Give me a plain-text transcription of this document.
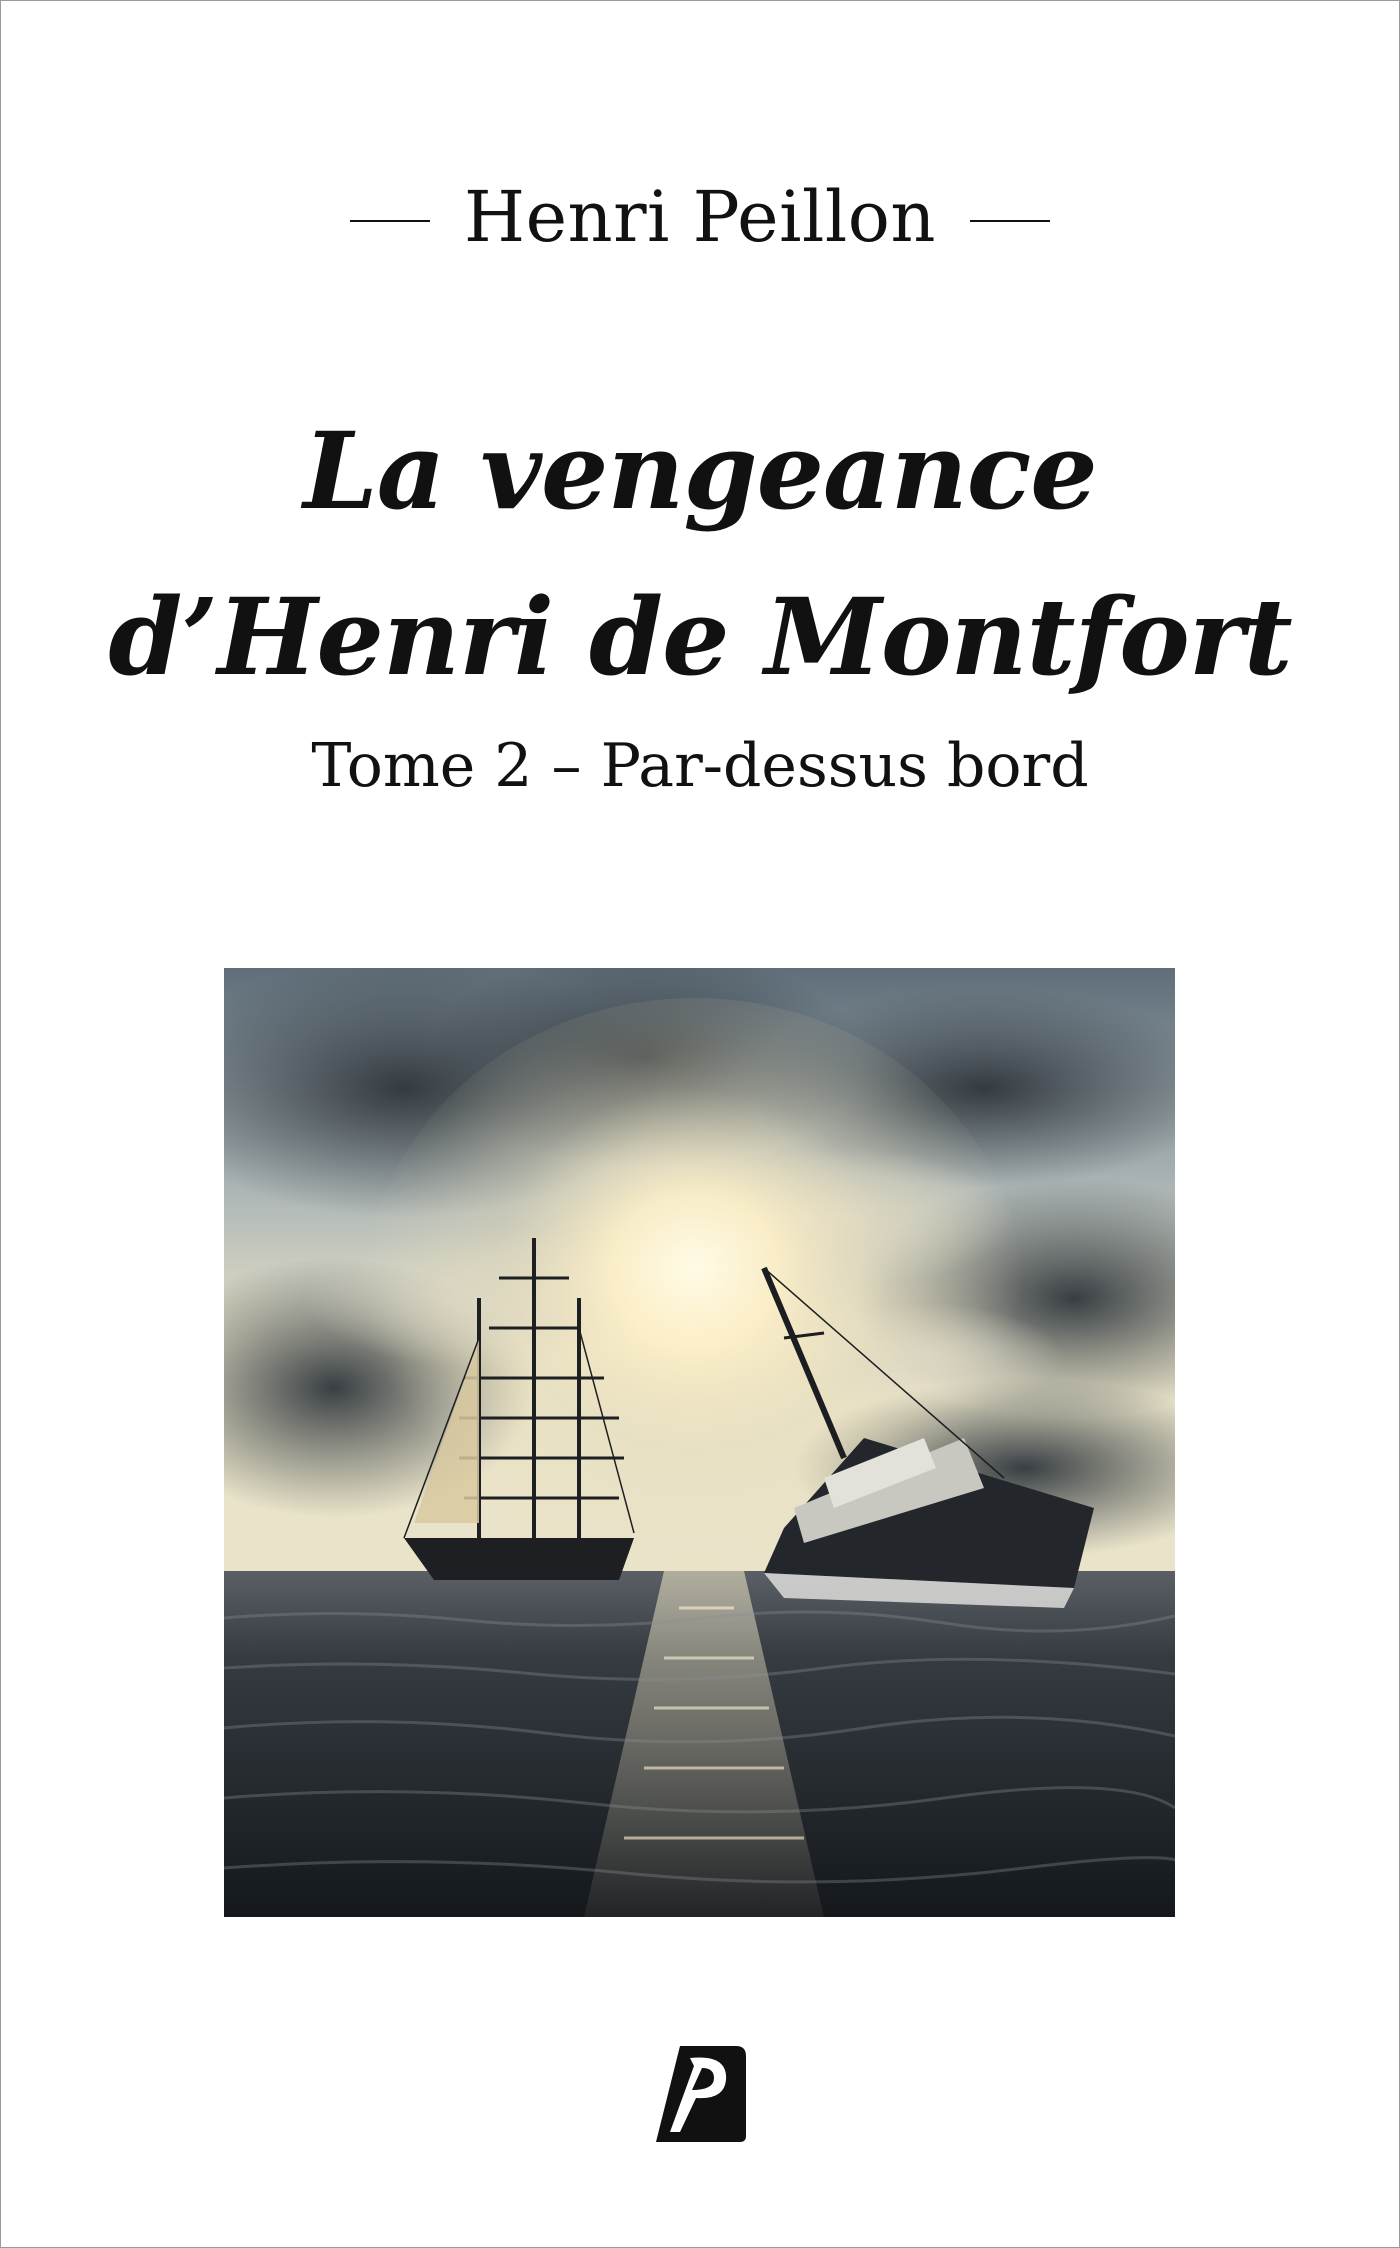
Henri Peillon
La vengeance
d’Henri de Montfort
Tome 2 – Par-dessus bord
